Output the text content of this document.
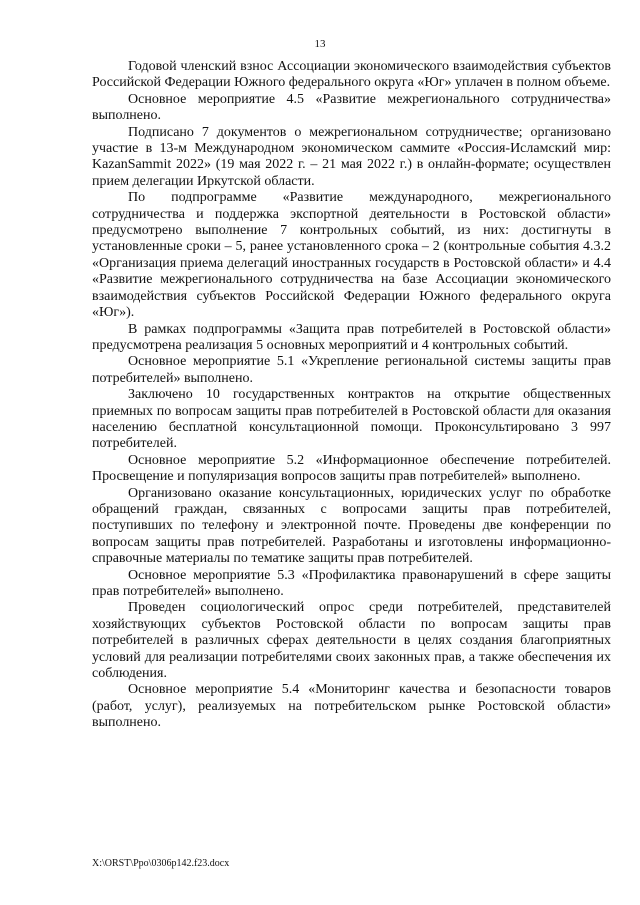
13

Годовой членский взнос Ассоциации экономического взаимодействия субъектов Российской Федерации Южного федерального округа «Юг» уплачен в полном объеме.

Основное мероприятие 4.5 «Развитие межрегионального сотрудничества» выполнено.

Подписано 7 документов о межрегиональном сотрудничестве; организовано участие в 13-м Международном экономическом саммите «Россия-Исламский мир: KazanSammit 2022» (19 мая 2022 г. – 21 мая 2022 г.) в онлайн-формате; осуществлен прием делегации Иркутской области.

По подпрограмме «Развитие международного, межрегионального сотрудничества и поддержка экспортной деятельности в Ростовской области» предусмотрено выполнение 7 контрольных событий, из них: достигнуты в установленные сроки – 5, ранее установленного срока – 2 (контрольные события 4.3.2 «Организация приема делегаций иностранных государств в Ростовской области» и 4.4 «Развитие межрегионального сотрудничества на базе Ассоциации экономического взаимодействия субъектов Российской Федерации Южного федерального округа «Юг»).

В рамках подпрограммы «Защита прав потребителей в Ростовской области» предусмотрена реализация 5 основных мероприятий и 4 контрольных событий.

Основное мероприятие 5.1 «Укрепление региональной системы защиты прав потребителей» выполнено.

Заключено 10 государственных контрактов на открытие общественных приемных по вопросам защиты прав потребителей в Ростовской области для оказания населению бесплатной консультационной помощи. Проконсультировано 3 997 потребителей.

Основное мероприятие 5.2 «Информационное обеспечение потребителей. Просвещение и популяризация вопросов защиты прав потребителей» выполнено.

Организовано оказание консультационных, юридических услуг по обработке обращений граждан, связанных с вопросами защиты прав потребителей, поступивших по телефону и электронной почте. Проведены две конференции по вопросам защиты прав потребителей. Разработаны и изготовлены информационно-справочные материалы по тематике защиты прав потребителей.

Основное мероприятие 5.3 «Профилактика правонарушений в сфере защиты прав потребителей» выполнено.

Проведен социологический опрос среди потребителей, представителей хозяйствующих субъектов Ростовской области по вопросам защиты прав потребителей в различных сферах деятельности в целях создания благоприятных условий для реализации потребителями своих законных прав, а также обеспечения их соблюдения.

Основное мероприятие 5.4 «Мониторинг качества и безопасности товаров (работ, услуг), реализуемых на потребительском рынке Ростовской области» выполнено.

X:\ORST\Ppo\0306p142.f23.docx
